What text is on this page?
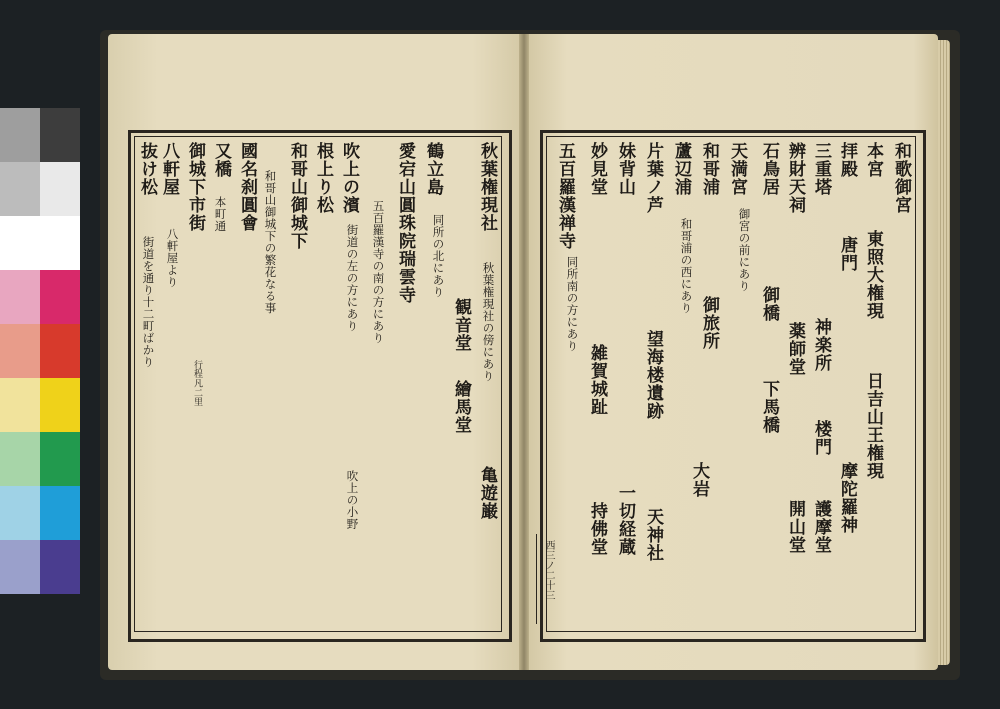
和歌御宮
本宮
東照大権現
日吉山王権現
拝殿
唐門
摩陀羅神
三重塔
神楽所
楼門
護摩堂
辨財天祠
薬師堂
開山堂
石鳥居
御橋
下馬橋
天満宮
御宮の前にあり
和哥浦
御旅所
大岩
蘆辺浦
和哥浦の西にあり
片葉ノ芦
望海楼遺跡
天神社
妹背山
一切経蔵
妙見堂
雑賀城趾
持佛堂
五百羅漢禅寺
同所南の方にあり
西三ノ二十三
秋葉権現社
秋葉権現社の傍にあり
観音堂
繪馬堂
亀遊巌
鶴立島
同所の北にあり
愛宕山圓珠院瑞雲寺
五百羅漢寺の南の方にあり
吹上の濱
街道の左の方にあり
吹上の小野
根上り松
和哥山御城下
和哥山御城下の繁花なる事
國名刹圓會
又橋
本町通
御城下市街
行程凡二里
八軒屋
八軒屋より
抜け松
街道を通り十二町ばかり
